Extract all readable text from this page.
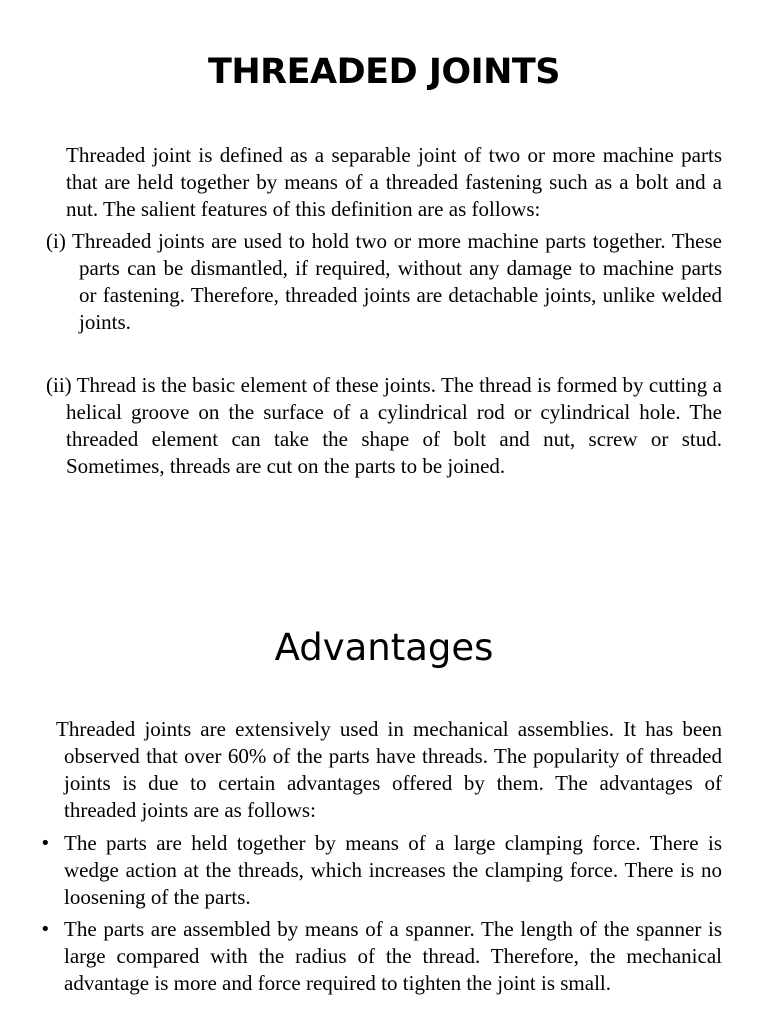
THREADED JOINTS

Threaded joint is defined as a separable joint of two or more machine parts that are held together by means of a threaded fastening such as a bolt and a nut. The salient features of this definition are as follows:

(i) Threaded joints are used to hold two or more machine parts together. These parts can be dismantled, if required, without any damage to machine parts or fastening. Therefore, threaded joints are detachable joints, unlike welded joints.

(ii) Thread is the basic element of these joints. The thread is formed by cutting a helical groove on the surface of a cylindrical rod or cylindrical hole. The threaded element can take the shape of bolt and nut, screw or stud. Sometimes, threads are cut on the parts to be joined.

Advantages

Threaded joints are extensively used in mechanical assemblies. It has been observed that over 60% of the parts have threads. The popularity of threaded joints is due to certain advantages offered by them. The advantages of threaded joints are as follows:

• The parts are held together by means of a large clamping force. There is wedge action at the threads, which increases the clamping force. There is no loosening of the parts.

• The parts are assembled by means of a spanner. The length of the spanner is large compared with the radius of the thread. Therefore, the mechanical advantage is more and force required to tighten the joint is small.
